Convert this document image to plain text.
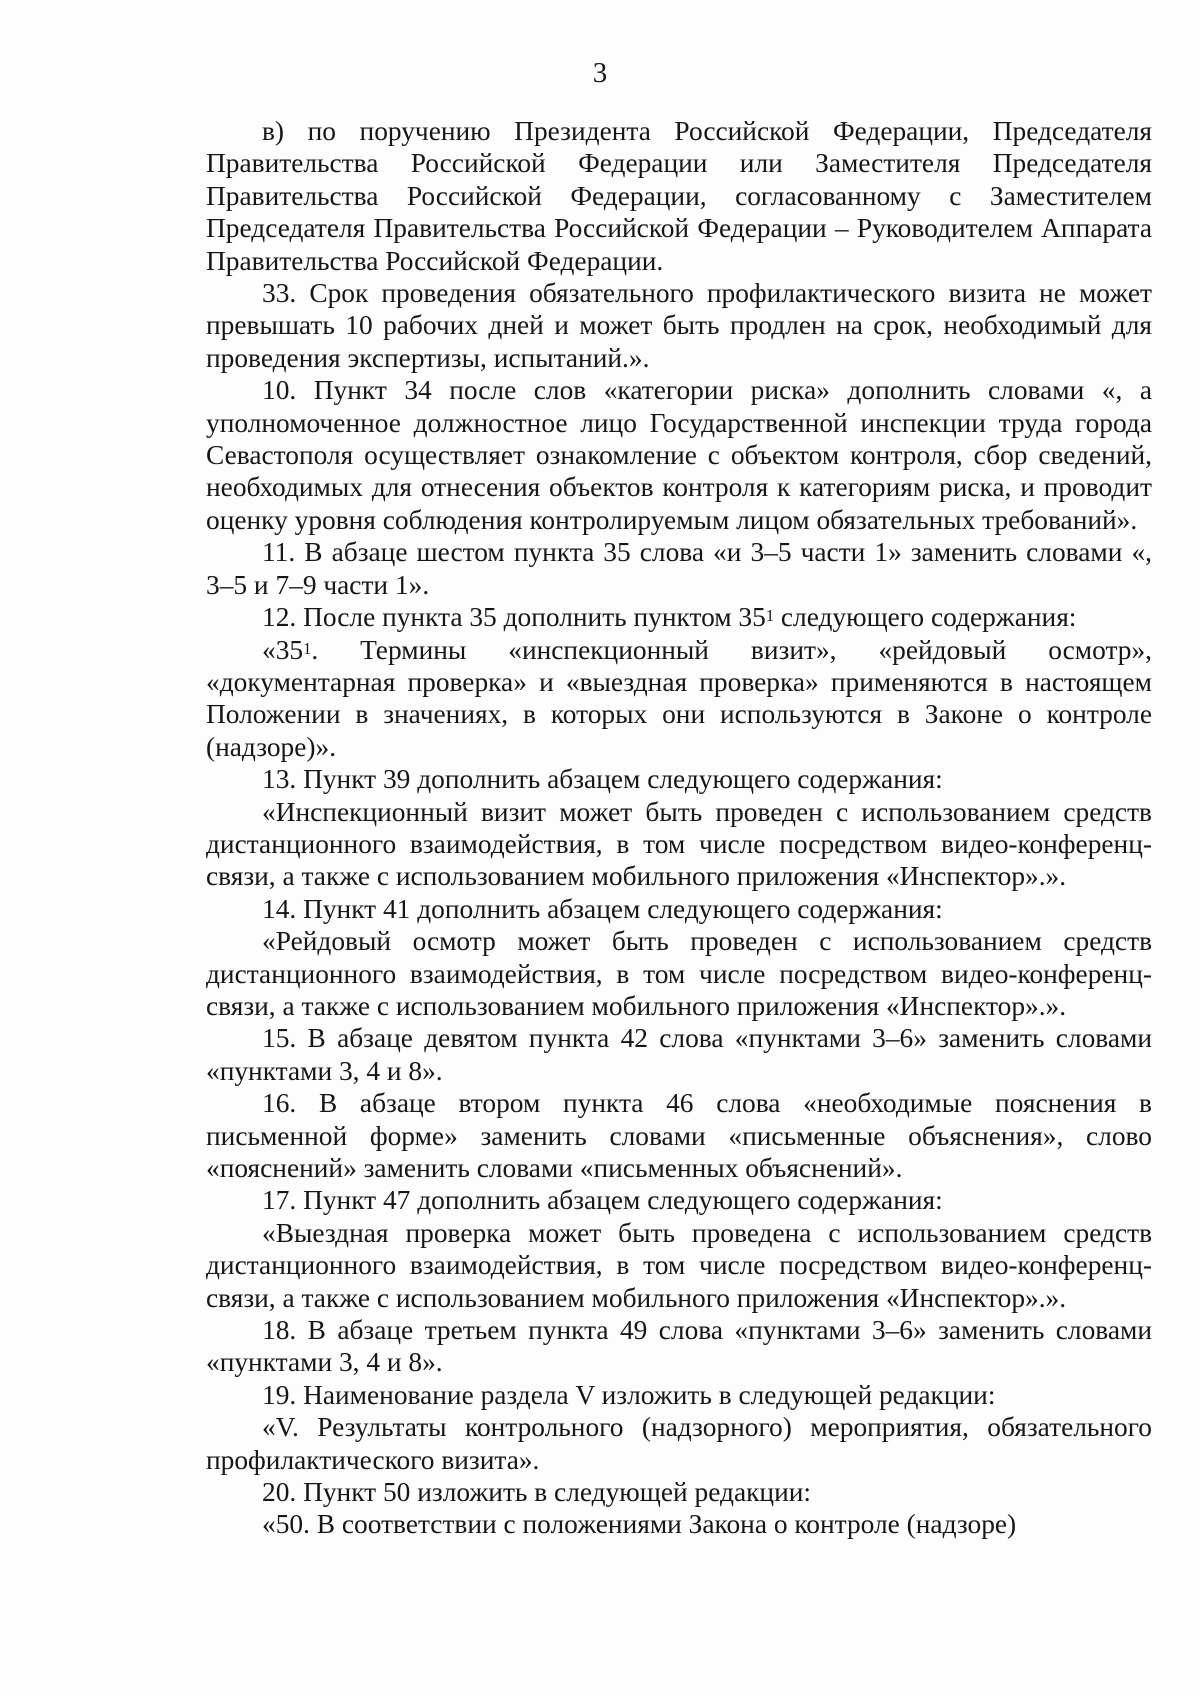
3

в) по поручению Президента Российской Федерации, Председателя Правительства Российской Федерации или Заместителя Председателя Правительства Российской Федерации, согласованному с Заместителем Председателя Правительства Российской Федерации – Руководителем Аппарата Правительства Российской Федерации.

33. Срок проведения обязательного профилактического визита не может превышать 10 рабочих дней и может быть продлен на срок, необходимый для проведения экспертизы, испытаний.».

10. Пункт 34 после слов «категории риска» дополнить словами «, а уполномоченное должностное лицо Государственной инспекции труда города Севастополя осуществляет ознакомление с объектом контроля, сбор сведений, необходимых для отнесения объектов контроля к категориям риска, и проводит оценку уровня соблюдения контролируемым лицом обязательных требований».

11. В абзаце шестом пункта 35 слова «и 3–5 части 1» заменить словами «, 3–5 и 7–9 части 1».

12. После пункта 35 дополнить пунктом $35^1$ следующего содержания:

«$35^1$. Термины «инспекционный визит», «рейдовый осмотр», «документарная проверка» и «выездная проверка» применяются в настоящем Положении в значениях, в которых они используются в Законе о контроле (надзоре)».

13. Пункт 39 дополнить абзацем следующего содержания:

«Инспекционный визит может быть проведен с использованием средств дистанционного взаимодействия, в том числе посредством видео-конференц-связи, а также с использованием мобильного приложения «Инспектор».».

14. Пункт 41 дополнить абзацем следующего содержания:

«Рейдовый осмотр может быть проведен с использованием средств дистанционного взаимодействия, в том числе посредством видео-конференц-связи, а также с использованием мобильного приложения «Инспектор».».

15. В абзаце девятом пункта 42 слова «пунктами 3–6» заменить словами «пунктами 3, 4 и 8».

16. В абзаце втором пункта 46 слова «необходимые пояснения в письменной форме» заменить словами «письменные объяснения», слово «пояснений» заменить словами «письменных объяснений».

17. Пункт 47 дополнить абзацем следующего содержания:

«Выездная проверка может быть проведена с использованием средств дистанционного взаимодействия, в том числе посредством видео-конференц-связи, а также с использованием мобильного приложения «Инспектор».».

18. В абзаце третьем пункта 49 слова «пунктами 3–6» заменить словами «пунктами 3, 4 и 8».

19. Наименование раздела V изложить в следующей редакции:

«V. Результаты контрольного (надзорного) мероприятия, обязательного профилактического визита».

20. Пункт 50 изложить в следующей редакции:

«50. В соответствии с положениями Закона о контроле (надзоре)
